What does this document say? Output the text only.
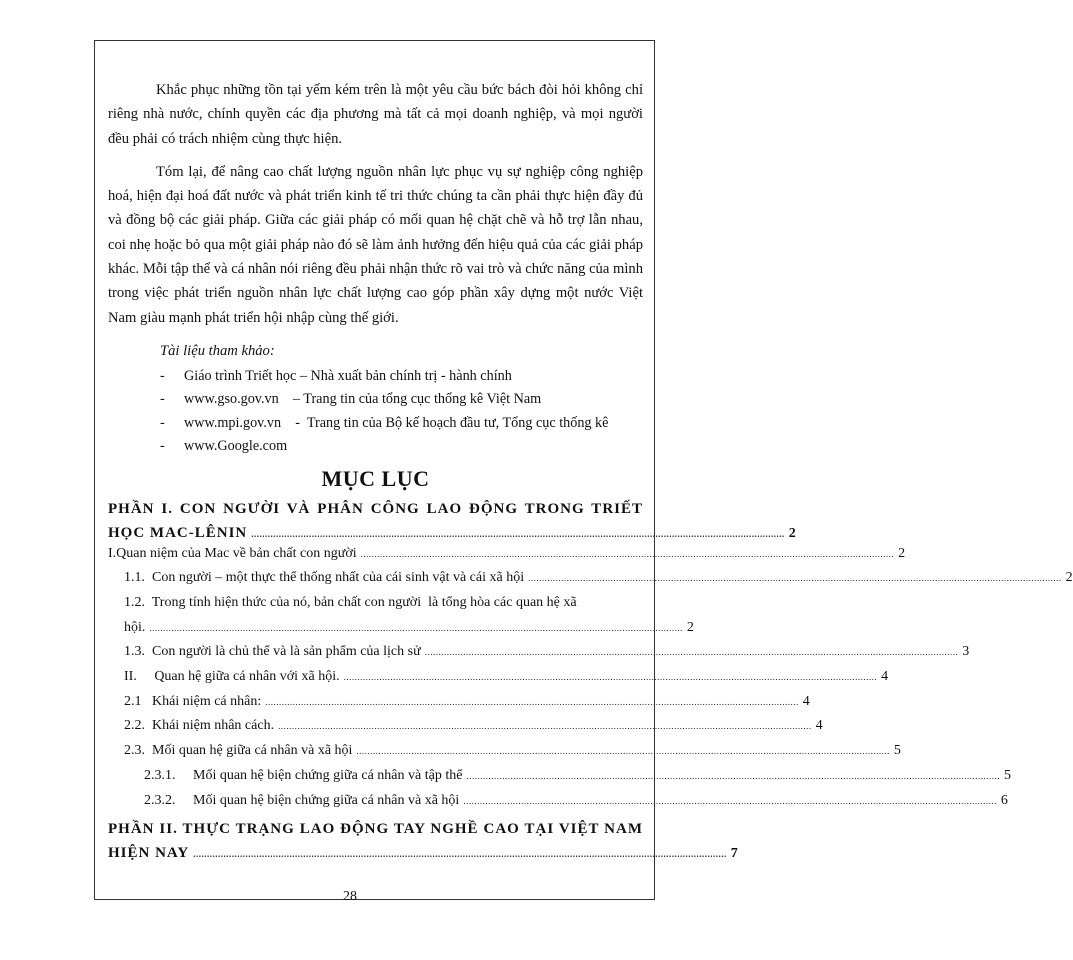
Khắc phục những tồn tại yếm kém trên là một yêu cầu bức bách đòi hỏi không chỉ riêng nhà nước, chính quyền các địa phương mà tất cả mọi doanh nghiệp, và mọi người đều phải có trách nhiệm cùng thực hiện.

Tóm lại, để nâng cao chất lượng nguồn nhân lực phục vụ sự nghiệp công nghiệp hoá, hiện đại hoá đất nước và phát triển kinh tế tri thức chúng ta cần phải thực hiện đầy đủ và đồng bộ các giải pháp. Giữa các giải pháp có mối quan hệ chặt chẽ và hỗ trợ lẫn nhau, coi nhẹ hoặc bỏ qua một giải pháp nào đó sẽ làm ảnh hưởng đến hiệu quả của các giải pháp khác. Mỗi tập thể và cá nhân nói riêng đều phải nhận thức rõ vai trò và chức năng của mình trong việc phát triển nguồn nhân lực chất lượng cao góp phần xây dựng một nước Việt Nam giàu mạnh phát triển hội nhập cùng thế giới.

Tài liệu tham khảo:
- Giáo trình Triết học – Nhà xuất bản chính trị - hành chính
- www.gso.gov.vn    – Trang tin của tổng cục thống kê Việt Nam
- www.mpi.gov.vn    -  Trang tin của Bộ kế hoạch đầu tư, Tổng cục thống kê
- www.Google.com
MỤC LỤC
PHẦN I. CON NGƯỜI VÀ PHÂN CÔNG LAO ĐỘNG TRONG TRIẾT
HỌC MAC-LÊNIN .................................................................................................................................................................................................. 2
I.Quan niệm của Mac về bản chất con người .................................................................................................................................................................................................. 2
1.1.  Con người – một thực thể thống nhất của cái sinh vật và cái xã hội .................................................................................................................................................................................................. 2
1.2.  Trong tính hiện thức của nó, bản chất con người  là tổng hòa các quan hệ xã
hội. .................................................................................................................................................................................................. 2
1.3.  Con người là chủ thể và là sản phẩm của lịch sử .................................................................................................................................................................................................. 3
II.     Quan hệ giữa cá nhân với xã hội. .................................................................................................................................................................................................. 4
2.1   Khái niệm cá nhân: .................................................................................................................................................................................................. 4
2.2.  Khái niệm nhân cách. .................................................................................................................................................................................................. 4
2.3.  Mối quan hệ giữa cá nhân và xã hội .................................................................................................................................................................................................. 5
2.3.1.     Mối quan hệ biện chứng giữa cá nhân và tập thể .................................................................................................................................................................................................. 5
2.3.2.     Mối quan hệ biện chứng giữa cá nhân và xã hội .................................................................................................................................................................................................. 6
PHẦN II. THỰC TRẠNG LAO ĐỘNG TAY NGHỀ CAO TẠI VIỆT NAM
HIỆN NAY .................................................................................................................................................................................................. 7
28
